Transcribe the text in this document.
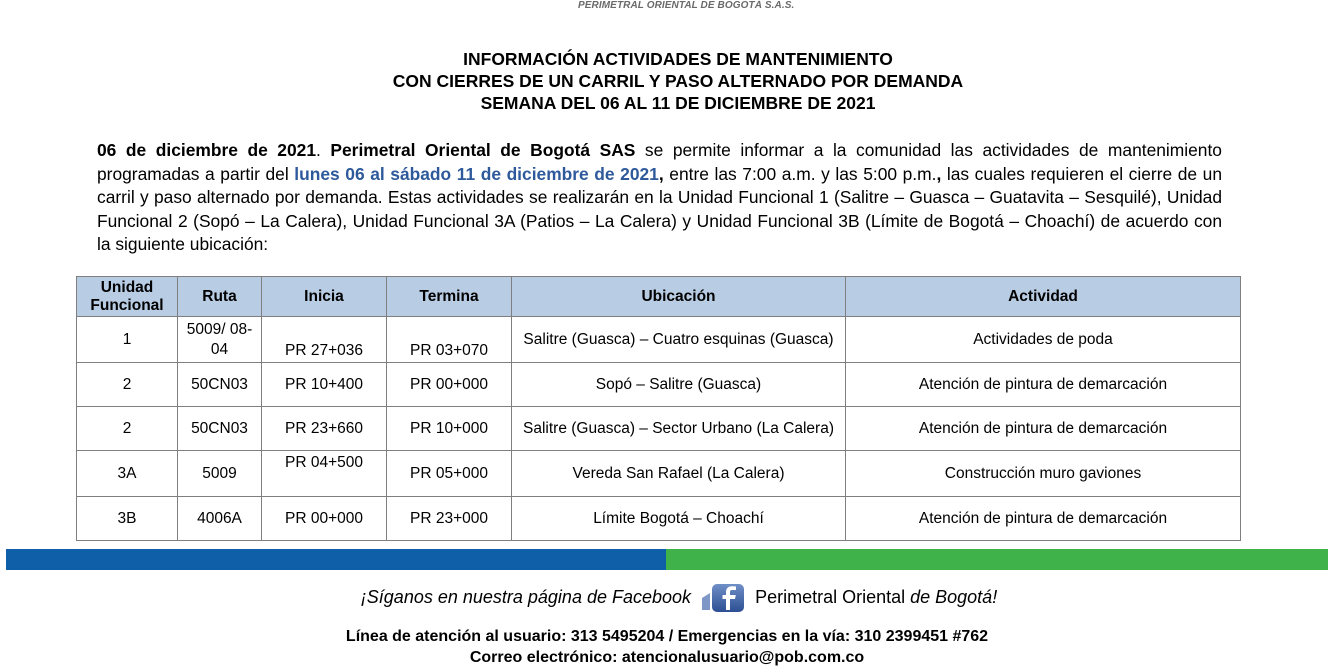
PERIMETRAL ORIENTAL DE BOGOTÁ S.A.S.
INFORMACIÓN ACTIVIDADES DE MANTENIMIENTO
CON CIERRES DE UN CARRIL Y PASO ALTERNADO POR DEMANDA
SEMANA DEL 06 AL 11 DE DICIEMBRE DE 2021
06 de diciembre de 2021. Perimetral Oriental de Bogotá SAS se permite informar a la comunidad las actividades de mantenimiento programadas a partir del lunes 06 al sábado 11 de diciembre de 2021, entre las 7:00 a.m. y las 5:00 p.m., las cuales requieren el cierre de un carril y paso alternado por demanda. Estas actividades se realizarán en la Unidad Funcional 1 (Salitre – Guasca – Guatavita – Sesquilé), Unidad Funcional 2 (Sopó – La Calera), Unidad Funcional 3A (Patios – La Calera) y Unidad Funcional 3B (Límite de Bogotá – Choachí) de acuerdo con la siguiente ubicación:
Unidad Funcional	Ruta	Inicia	Termina	Ubicación	Actividad
1	5009/ 08-04	PR 27+036	PR 03+070	Salitre (Guasca) – Cuatro esquinas (Guasca)	Actividades de poda
2	50CN03	PR 10+400	PR 00+000	Sopó – Salitre (Guasca)	Atención de pintura de demarcación
2	50CN03	PR 23+660	PR 10+000	Salitre (Guasca) – Sector Urbano (La Calera)	Atención de pintura de demarcación
3A	5009	PR 04+500	PR 05+000	Vereda San Rafael (La Calera)	Construcción muro gaviones
3B	4006A	PR 00+000	PR 23+000	Límite Bogotá – Choachí	Atención de pintura de demarcación
¡Síganos en nuestra página de Facebook	Perimetral Oriental de Bogotá!
Línea de atención al usuario: 313 5495204 / Emergencias en la vía: 310 2399451 #762
Correo electrónico: atencionalusuario@pob.com.co
